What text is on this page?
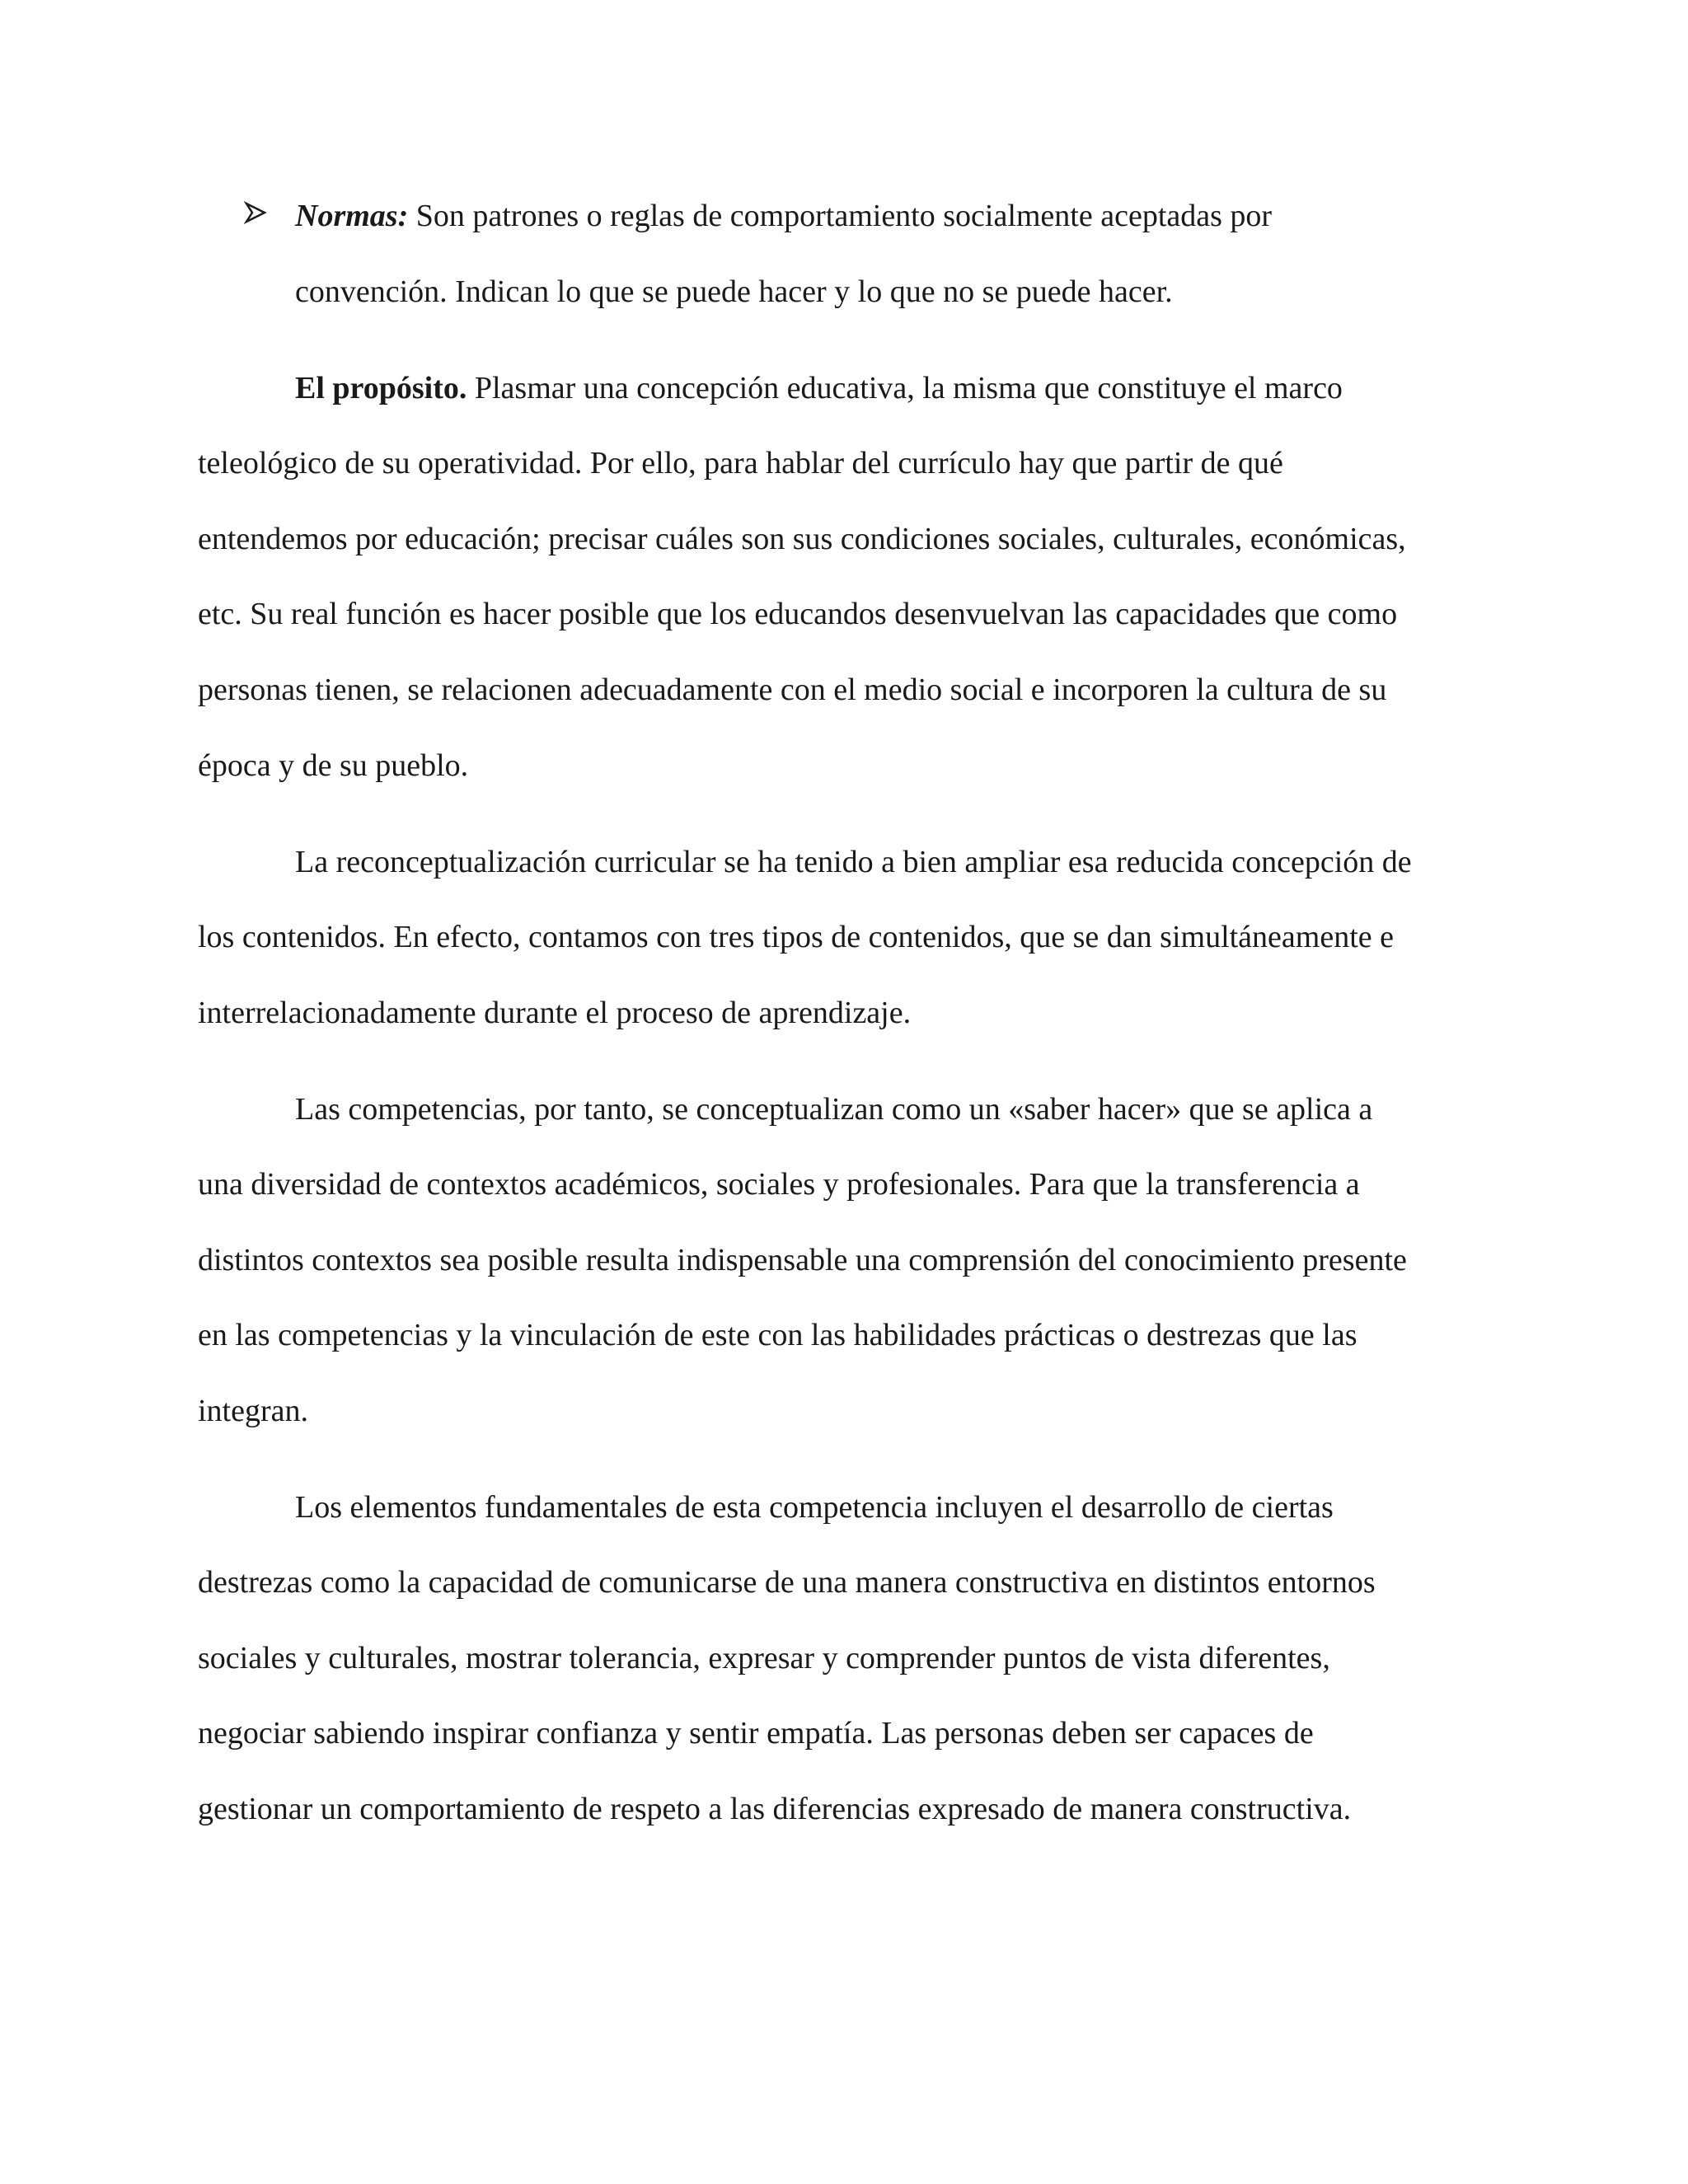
Normas: Son patrones o reglas de comportamiento socialmente aceptadas por
convención. Indican lo que se puede hacer y lo que no se puede hacer.
El propósito. Plasmar una concepción educativa, la misma que constituye el marco
teleológico de su operatividad. Por ello, para hablar del currículo hay que partir de qué
entendemos por educación; precisar cuáles son sus condiciones sociales, culturales, económicas,
etc. Su real función es hacer posible que los educandos desenvuelvan las capacidades que como
personas tienen, se relacionen adecuadamente con el medio social e incorporen la cultura de su
época y de su pueblo.
La reconceptualización curricular se ha tenido a bien ampliar esa reducida concepción de
los contenidos. En efecto, contamos con tres tipos de contenidos, que se dan simultáneamente e
interrelacionadamente durante el proceso de aprendizaje.
Las competencias, por tanto, se conceptualizan como un «saber hacer» que se aplica a
una diversidad de contextos académicos, sociales y profesionales. Para que la transferencia a
distintos contextos sea posible resulta indispensable una comprensión del conocimiento presente
en las competencias y la vinculación de este con las habilidades prácticas o destrezas que las
integran.
Los elementos fundamentales de esta competencia incluyen el desarrollo de ciertas
destrezas como la capacidad de comunicarse de una manera constructiva en distintos entornos
sociales y culturales, mostrar tolerancia, expresar y comprender puntos de vista diferentes,
negociar sabiendo inspirar confianza y sentir empatía. Las personas deben ser capaces de
gestionar un comportamiento de respeto a las diferencias expresado de manera constructiva.
